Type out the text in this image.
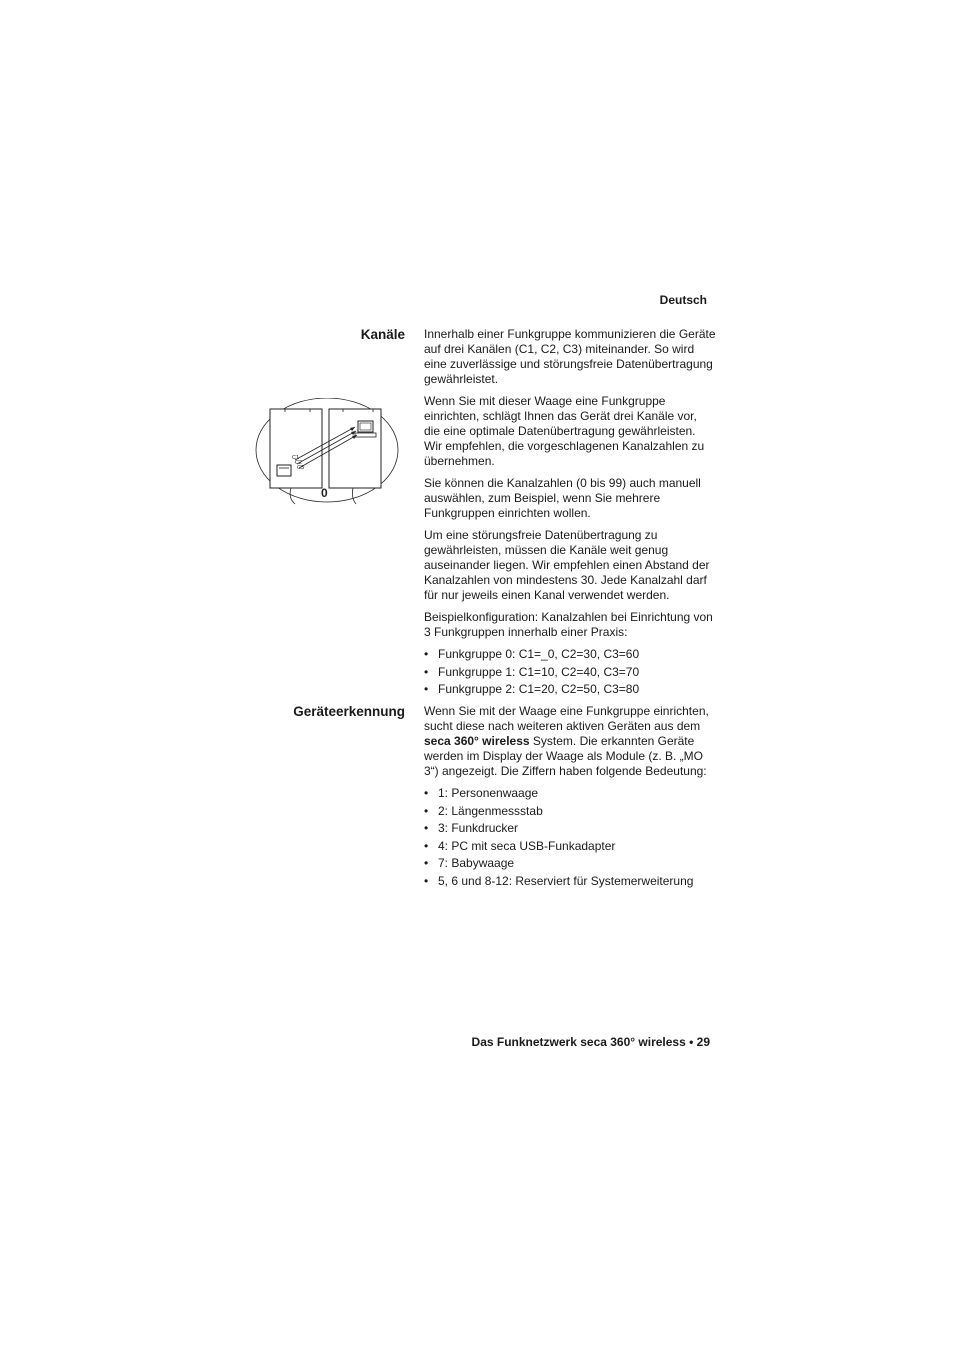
Deutsch
Kanäle Innerhalb einer Funkgruppe kommunizieren die Geräte auf drei Kanälen (C1, C2, C3) miteinander. So wird eine zuverlässige und störungsfreie Datenübertragung gewährleistet.

Wenn Sie mit dieser Waage eine Funkgruppe einrichten, schlägt Ihnen das Gerät drei Kanäle vor, die eine optimale Datenübertragung gewährleisten. Wir empfehlen, die vorgeschlagenen Kanalzahlen zu übernehmen.

Sie können die Kanalzahlen (0 bis 99) auch manuell auswählen, zum Beispiel, wenn Sie mehrere Funkgruppen einrichten wollen.

Um eine störungsfreie Datenübertragung zu gewährleisten, müssen die Kanäle weit genug auseinander liegen. Wir empfehlen einen Abstand der Kanalzahlen von mindestens 30. Jede Kanalzahl darf für nur jeweils einen Kanal verwendet werden.

Beispielkonfiguration: Kanalzahlen bei Einrichtung von 3 Funkgruppen innerhalb einer Praxis:

• Funkgruppe 0: C1=_0, C2=30, C3=60
• Funkgruppe 1: C1=10, C2=40, C3=70
• Funkgruppe 2: C1=20, C2=50, C3=80
C1
C2
C3
0
Geräteerkennung Wenn Sie mit der Waage eine Funkgruppe einrichten, sucht diese nach weiteren aktiven Geräten aus dem seca 360° wireless System. Die erkannten Geräte werden im Display der Waage als Module (z. B. „MO 3“) angezeigt. Die Ziffern haben folgende Bedeutung:

• 1: Personenwaage
• 2: Längenmessstab
• 3: Funkdrucker
• 4: PC mit seca USB-Funkadapter
• 7: Babywaage
• 5, 6 und 8-12: Reserviert für Systemerweiterung
Das Funknetzwerk seca 360° wireless • 29
